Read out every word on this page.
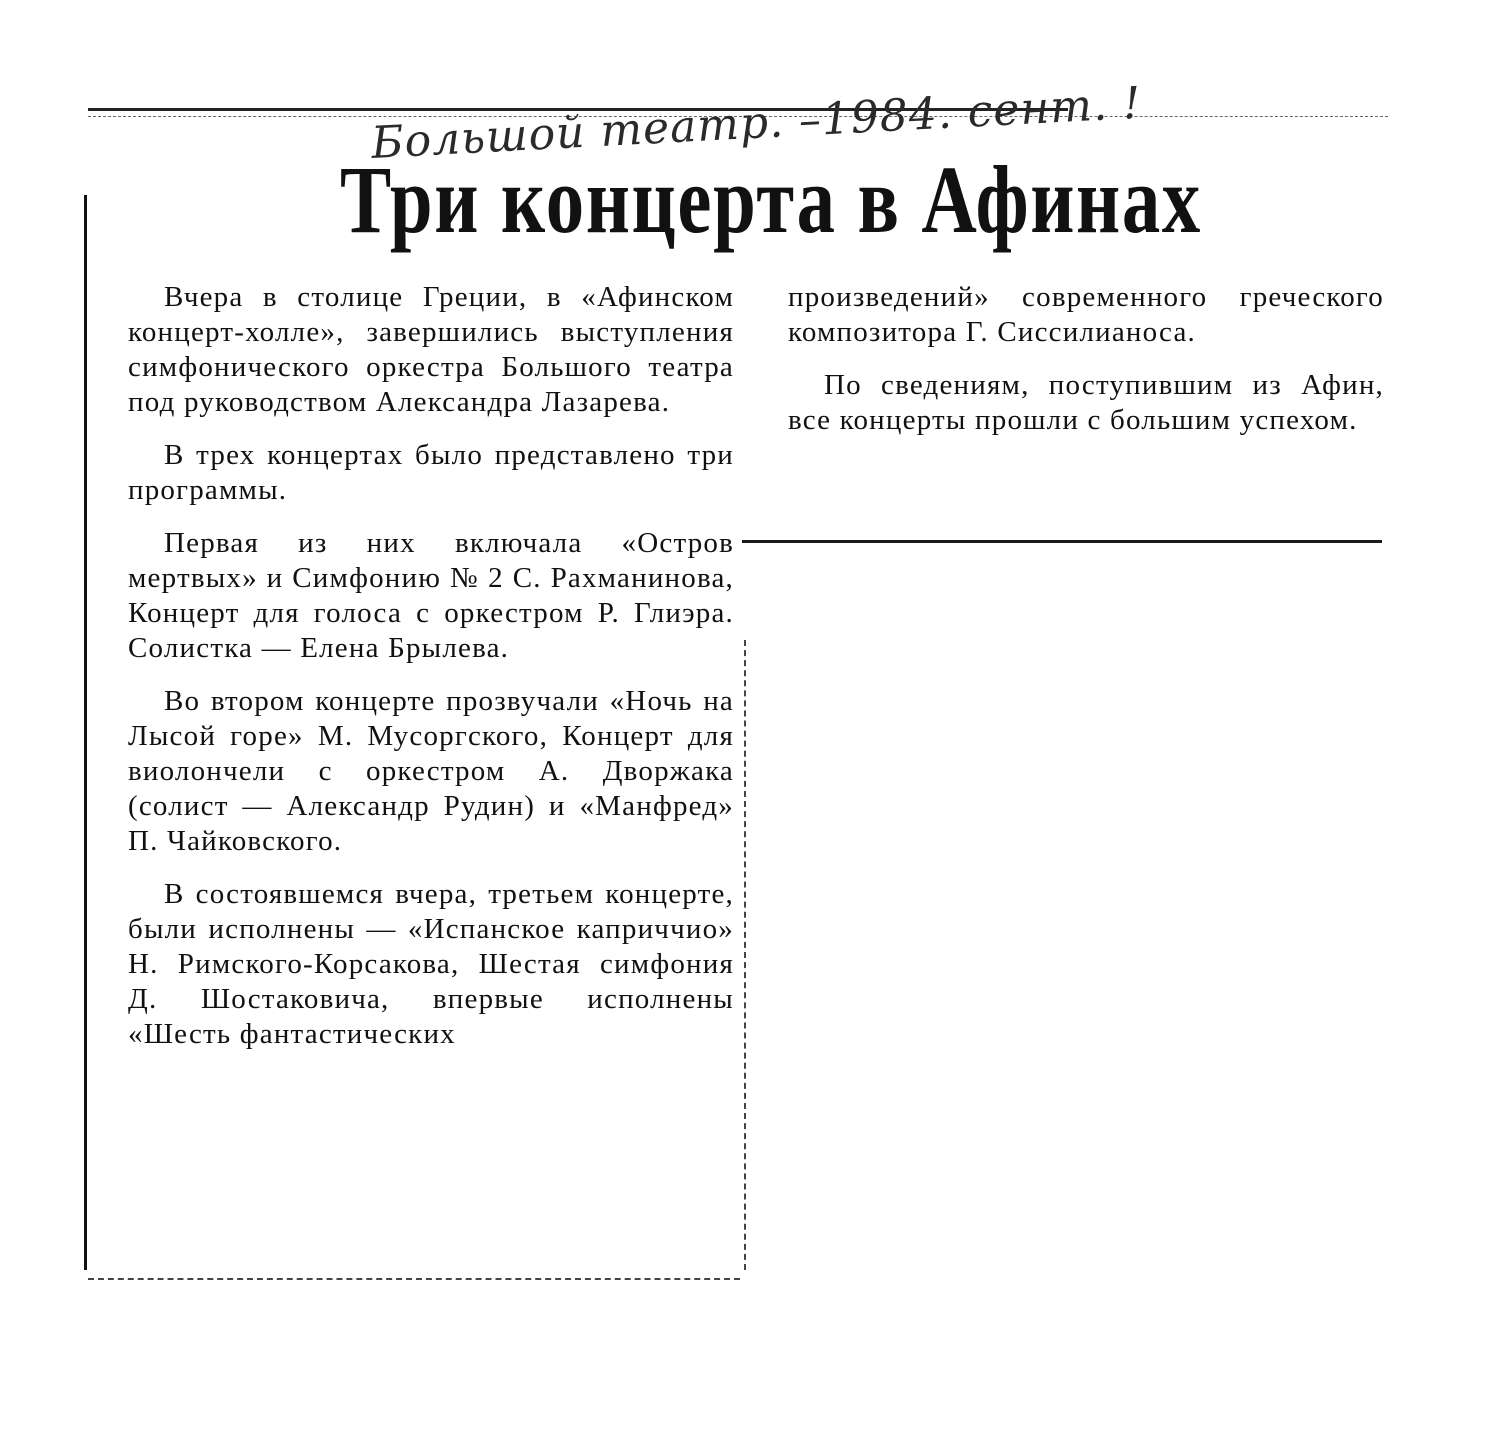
Большой театр. –1984. сент. !
Три концерта в Афинах

Вчера в столице Греции, в «Афинском концерт-холле», завершились выступления симфонического оркестра Большого театра под руководством Александра Лазарева.

В трех концертах было представлено три программы.

Первая из них включала «Остров мертвых» и Симфонию № 2 С. Рахманинова, Концерт для голоса с оркестром Р. Глиэра. Солистка — Елена Брылева.

Во втором концерте прозвучали «Ночь на Лысой горе» М. Мусоргского, Концерт для виолончели с оркестром А. Дворжака (солист — Александр Рудин) и «Манфред» П. Чайковского.

В состоявшемся вчера, третьем концерте, были исполнены — «Испанское каприччио» Н. Римского-Корсакова, Шестая симфония Д. Шостаковича, впервые исполнены «Шесть фантастических

произведений» современного греческого композитора Г. Сиссилианоса.

По сведениям, поступившим из Афин, все концерты прошли с большим успехом.
